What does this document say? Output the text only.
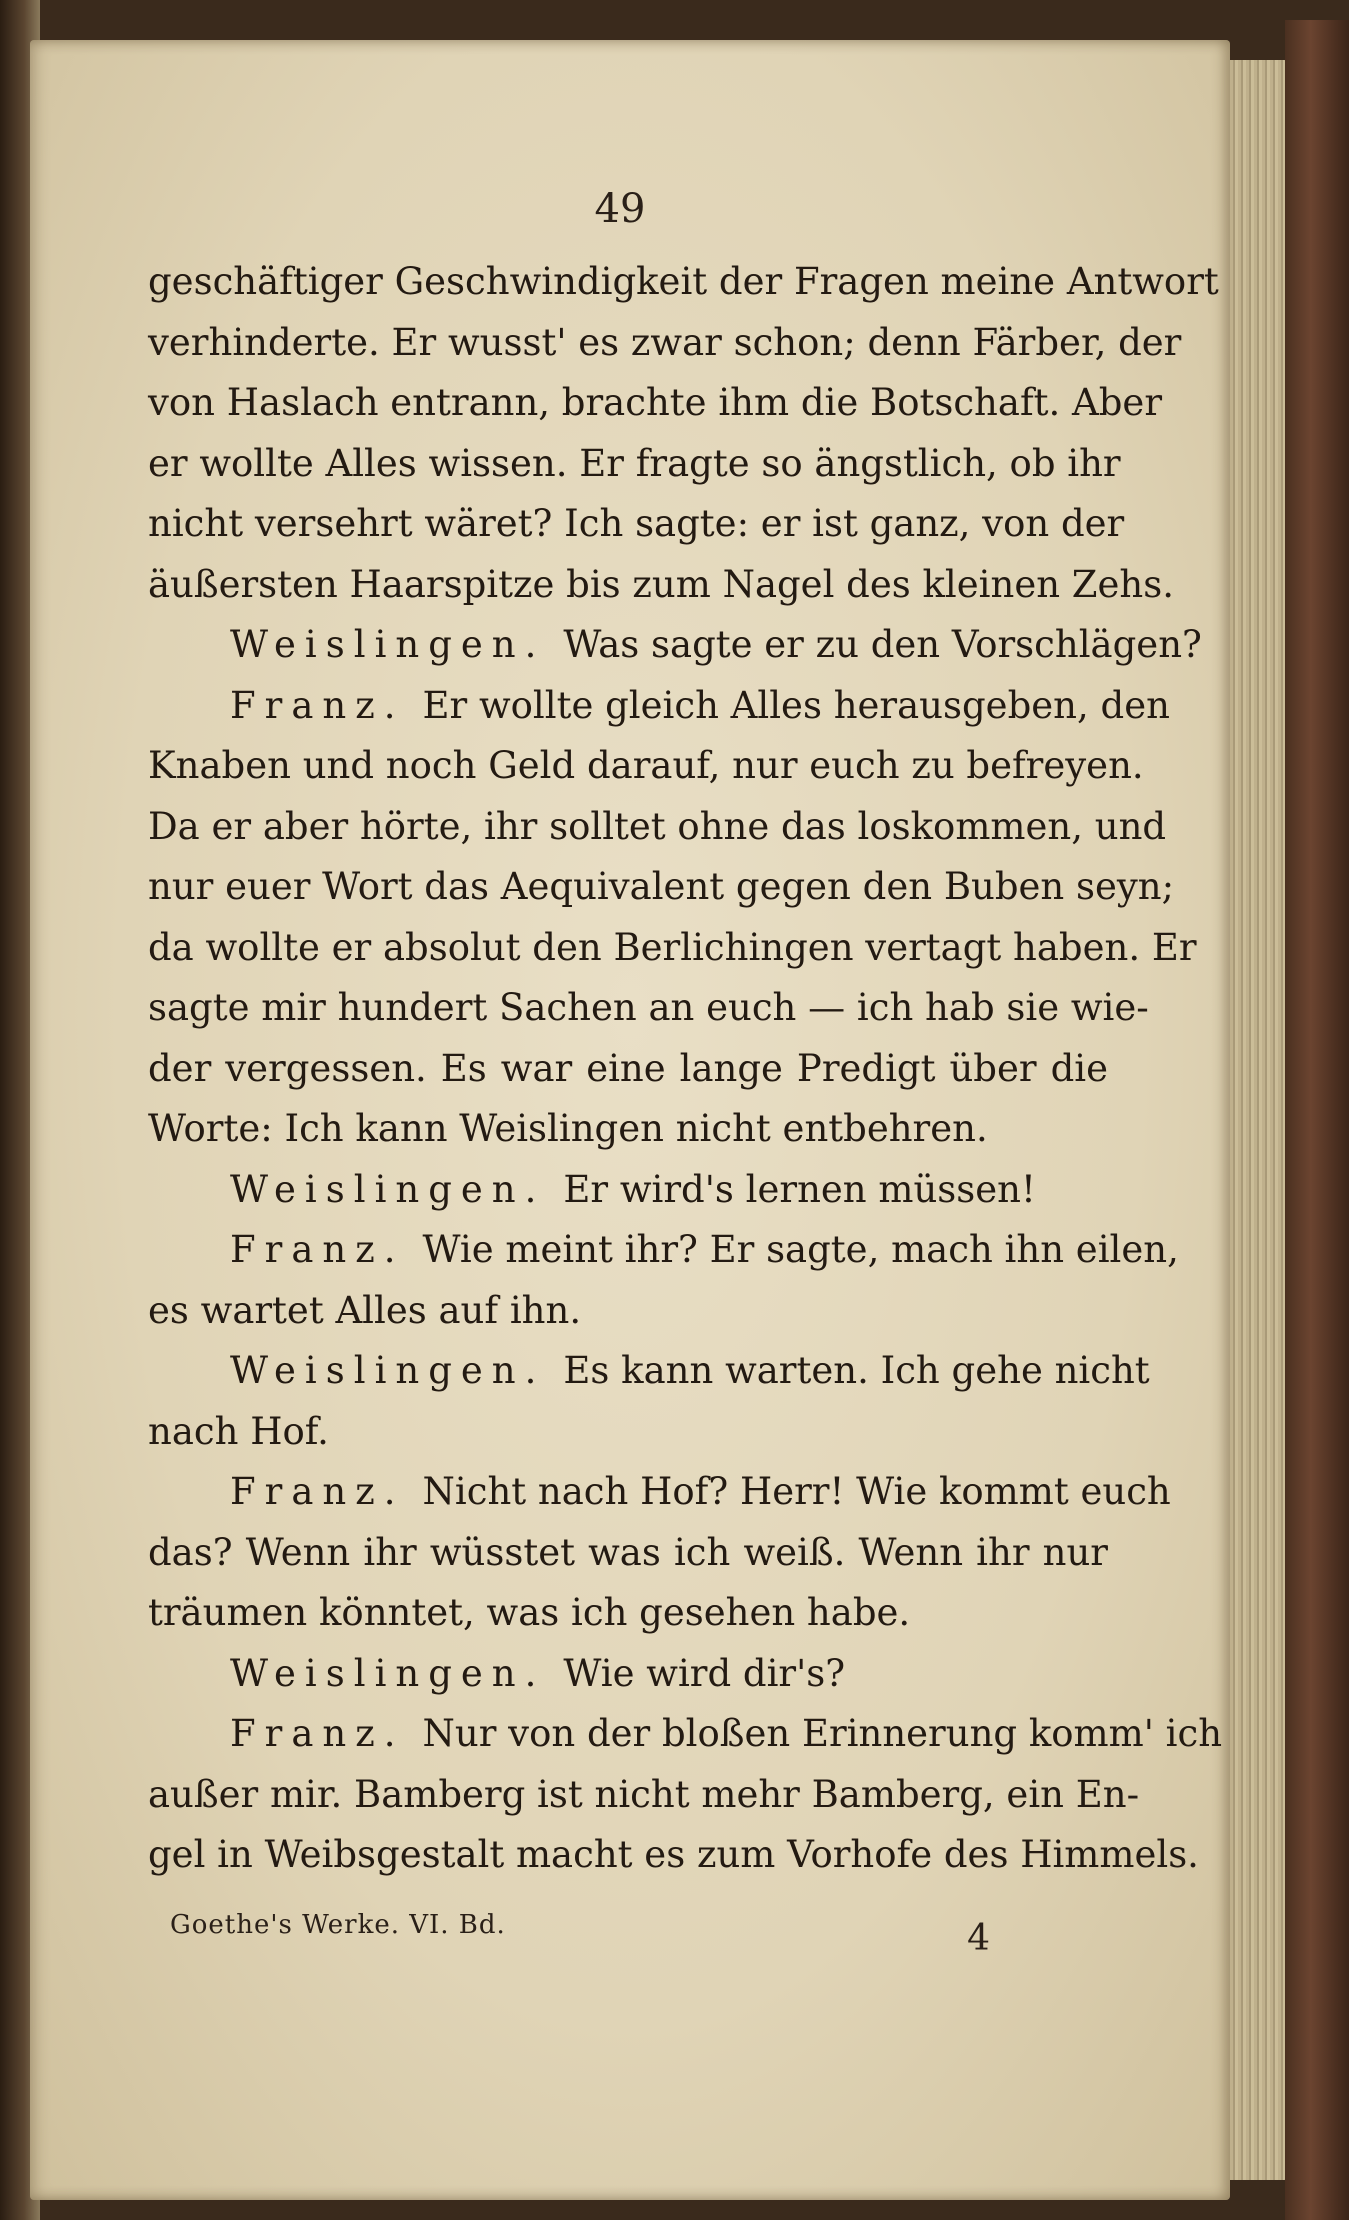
49
geschäftiger Geschwindigkeit der Fragen meine Antwort
verhinderte. Er wusst' es zwar schon; denn Färber, der
von Haslach entrann, brachte ihm die Botschaft. Aber
er wollte Alles wissen. Er fragte so ängstlich, ob ihr
nicht versehrt wäret? Ich sagte: er ist ganz, von der
äußersten Haarspitze bis zum Nagel des kleinen Zehs.
Weislingen. Was sagte er zu den Vorschlägen?
Franz. Er wollte gleich Alles herausgeben, den
Knaben und noch Geld darauf, nur euch zu befreyen.
Da er aber hörte, ihr solltet ohne das loskommen, und
nur euer Wort das Aequivalent gegen den Buben seyn;
da wollte er absolut den Berlichingen vertagt haben. Er
sagte mir hundert Sachen an euch — ich hab sie wie-
der vergessen. Es war eine lange Predigt über die
Worte: Ich kann Weislingen nicht entbehren.
Weislingen. Er wird's lernen müssen!
Franz. Wie meint ihr? Er sagte, mach ihn eilen,
es wartet Alles auf ihn.
Weislingen. Es kann warten. Ich gehe nicht
nach Hof.
Franz. Nicht nach Hof? Herr! Wie kommt euch
das? Wenn ihr wüsstet was ich weiß. Wenn ihr nur
träumen könntet, was ich gesehen habe.
Weislingen. Wie wird dir's?
Franz. Nur von der bloßen Erinnerung komm' ich
außer mir. Bamberg ist nicht mehr Bamberg, ein En-
gel in Weibsgestalt macht es zum Vorhofe des Himmels.
Goethe's Werke. VI. Bd.	4
